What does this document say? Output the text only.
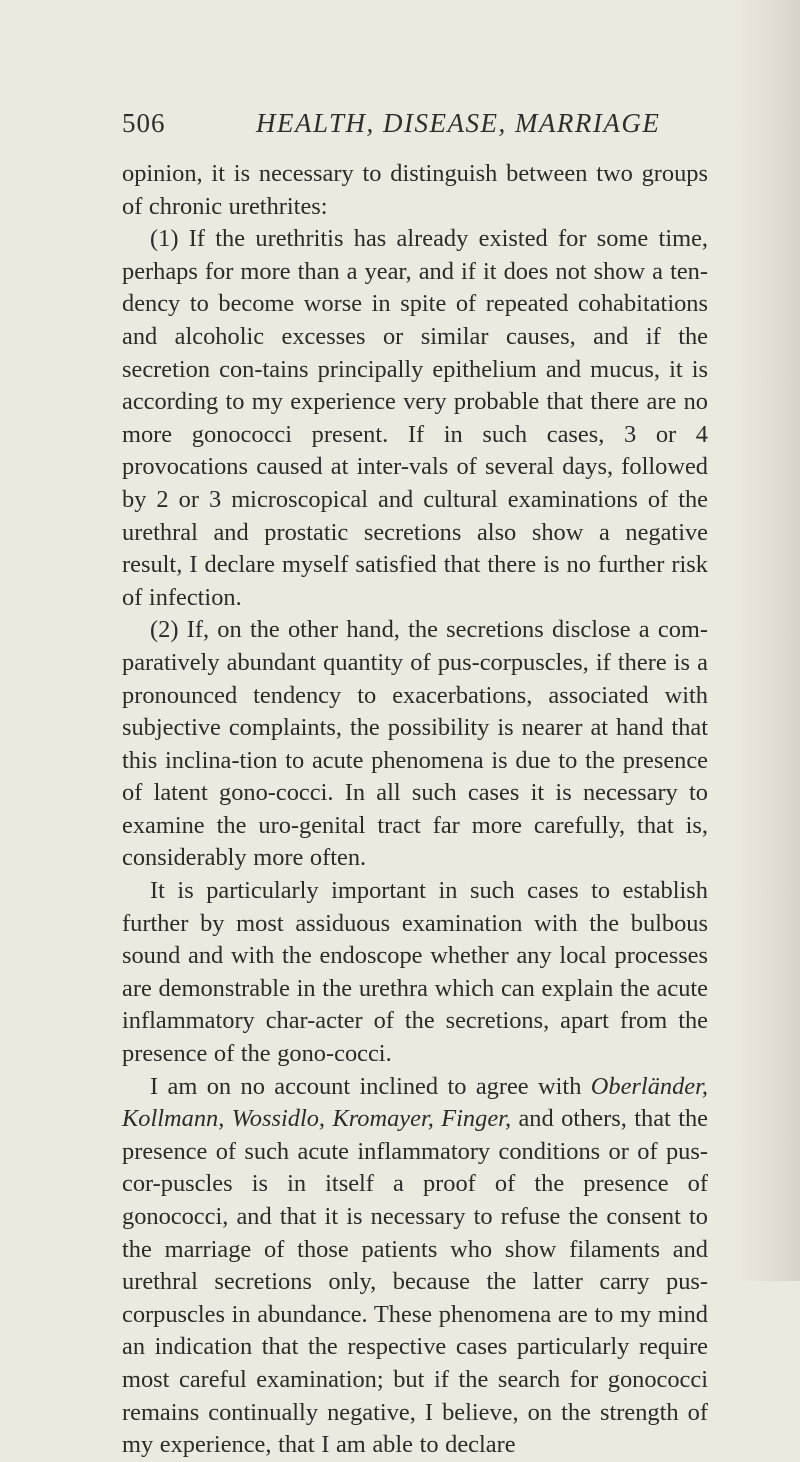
506	HEALTH, DISEASE, MARRIAGE

opinion, it is necessary to distinguish between two groups of chronic urethrites:

(1) If the urethritis has already existed for some time, perhaps for more than a year, and if it does not show a ten-dency to become worse in spite of repeated cohabitations and alcoholic excesses or similar causes, and if the secretion con-tains principally epithelium and mucus, it is according to my experience very probable that there are no more gonococci present. If in such cases, 3 or 4 provocations caused at inter-vals of several days, followed by 2 or 3 microscopical and cultural examinations of the urethral and prostatic secretions also show a negative result, I declare myself satisfied that there is no further risk of infection.

(2) If, on the other hand, the secretions disclose a com-paratively abundant quantity of pus-corpuscles, if there is a pronounced tendency to exacerbations, associated with subjective complaints, the possibility is nearer at hand that this inclina-tion to acute phenomena is due to the presence of latent gono-cocci. In all such cases it is necessary to examine the uro-genital tract far more carefully, that is, considerably more often.

It is particularly important in such cases to establish further by most assiduous examination with the bulbous sound and with the endoscope whether any local processes are demonstrable in the urethra which can explain the acute inflammatory char-acter of the secretions, apart from the presence of the gono-cocci.

I am on no account inclined to agree with Oberländer, Kollmann, Wossidlo, Kromayer, Finger, and others, that the presence of such acute inflammatory conditions or of pus-cor-puscles is in itself a proof of the presence of gonococci, and that it is necessary to refuse the consent to the marriage of those patients who show filaments and urethral secretions only, because the latter carry pus-corpuscles in abundance. These phenomena are to my mind an indication that the respective cases particularly require most careful examination; but if the search for gonococci remains continually negative, I believe, on the strength of my experience, that I am able to declare
